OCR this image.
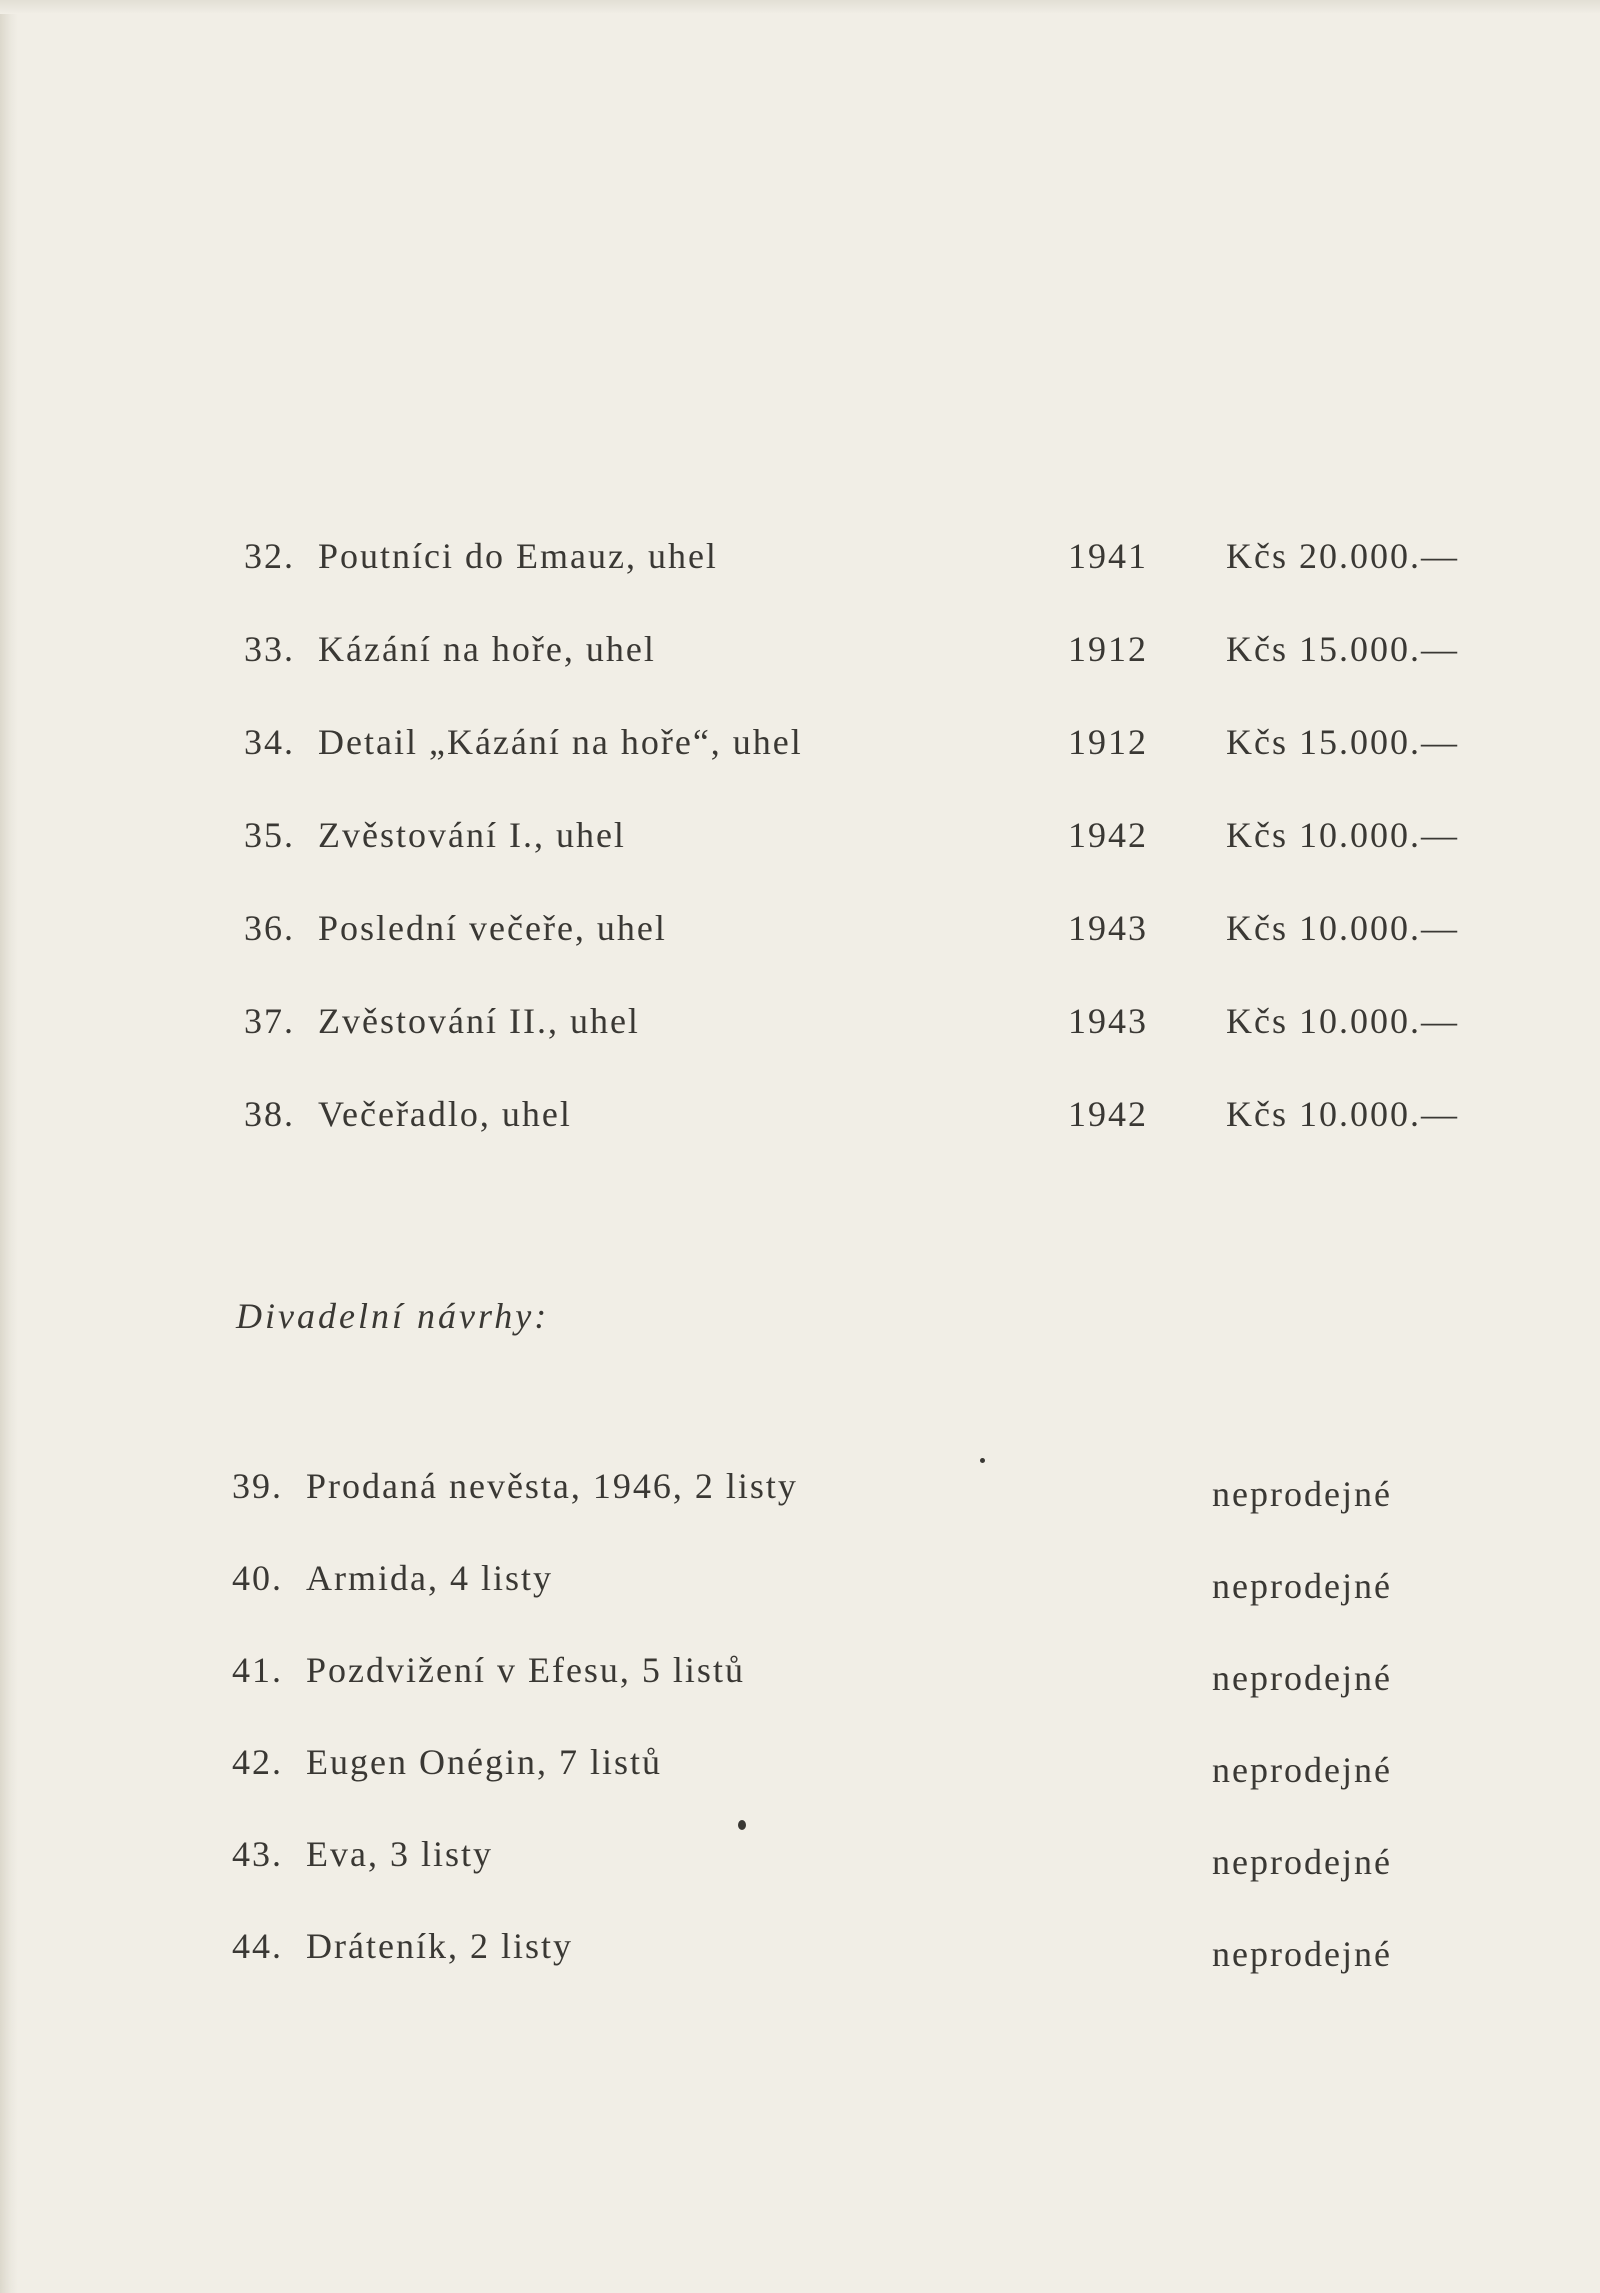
32. Poutníci do Emauz, uhel	1941 Kčs 20.000.—
33. Kázání na hoře, uhel	1912 Kčs 15.000.—
34. Detail „Kázání na hoře“, uhel	1912 Kčs 15.000.—
35. Zvěstování I., uhel	1942 Kčs 10.000.—
36. Poslední večeře, uhel	1943 Kčs 10.000.—
37. Zvěstování II., uhel	1943 Kčs 10.000.—
38. Večeřadlo, uhel	1942 Kčs 10.000.—
Divadelní návrhy:
39. Prodaná nevěsta, 1946, 2 listy	neprodejné
40. Armida, 4 listy	neprodejné
41. Pozdvižení v Efesu, 5 listů	neprodejné
42. Eugen Onégin, 7 listů	neprodejné
43. Eva, 3 listy	neprodejné
44. Dráteník, 2 listy	neprodejné
